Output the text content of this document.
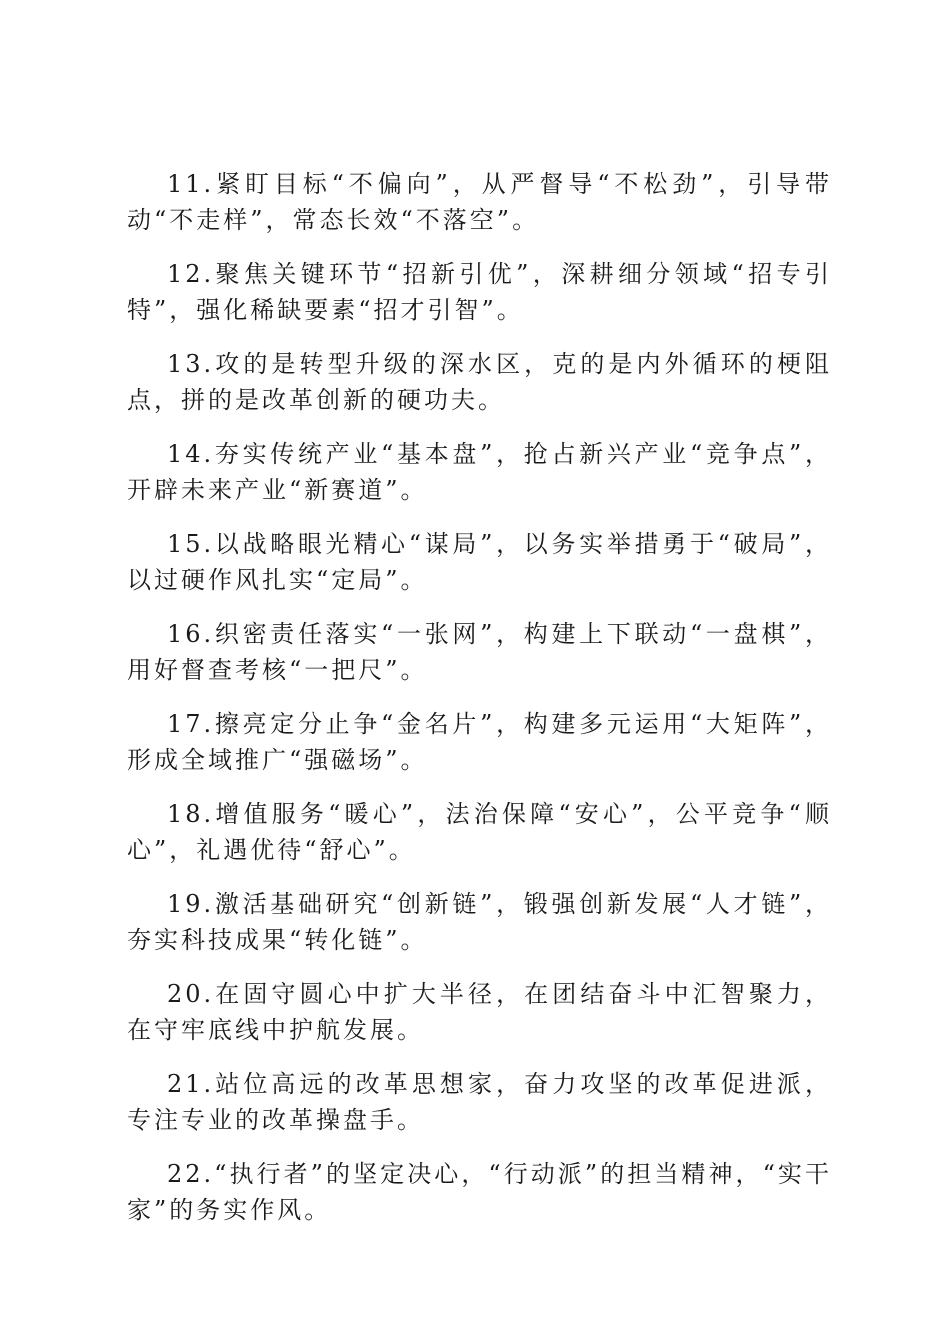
11.紧盯目标“不偏向”，从严督导“不松劲”，引导带动“不走样”，常态长效“不落空”。

12.聚焦关键环节“招新引优”，深耕细分领域“招专引特”，强化稀缺要素“招才引智”。

13.攻的是转型升级的深水区，克的是内外循环的梗阻点，拼的是改革创新的硬功夫。

14.夯实传统产业“基本盘”，抢占新兴产业“竞争点”，开辟未来产业“新赛道”。

15.以战略眼光精心“谋局”，以务实举措勇于“破局”，以过硬作风扎实“定局”。

16.织密责任落实“一张网”，构建上下联动“一盘棋”，用好督查考核“一把尺”。

17.擦亮定分止争“金名片”，构建多元运用“大矩阵”，形成全域推广“强磁场”。

18.增值服务“暖心”，法治保障“安心”，公平竞争“顺心”，礼遇优待“舒心”。

19.激活基础研究“创新链”，锻强创新发展“人才链”，夯实科技成果“转化链”。

20.在固守圆心中扩大半径，在团结奋斗中汇智聚力，在守牢底线中护航发展。

21.站位高远的改革思想家，奋力攻坚的改革促进派，专注专业的改革操盘手。

22.“执行者”的坚定决心，“行动派”的担当精神，“实干家”的务实作风。
